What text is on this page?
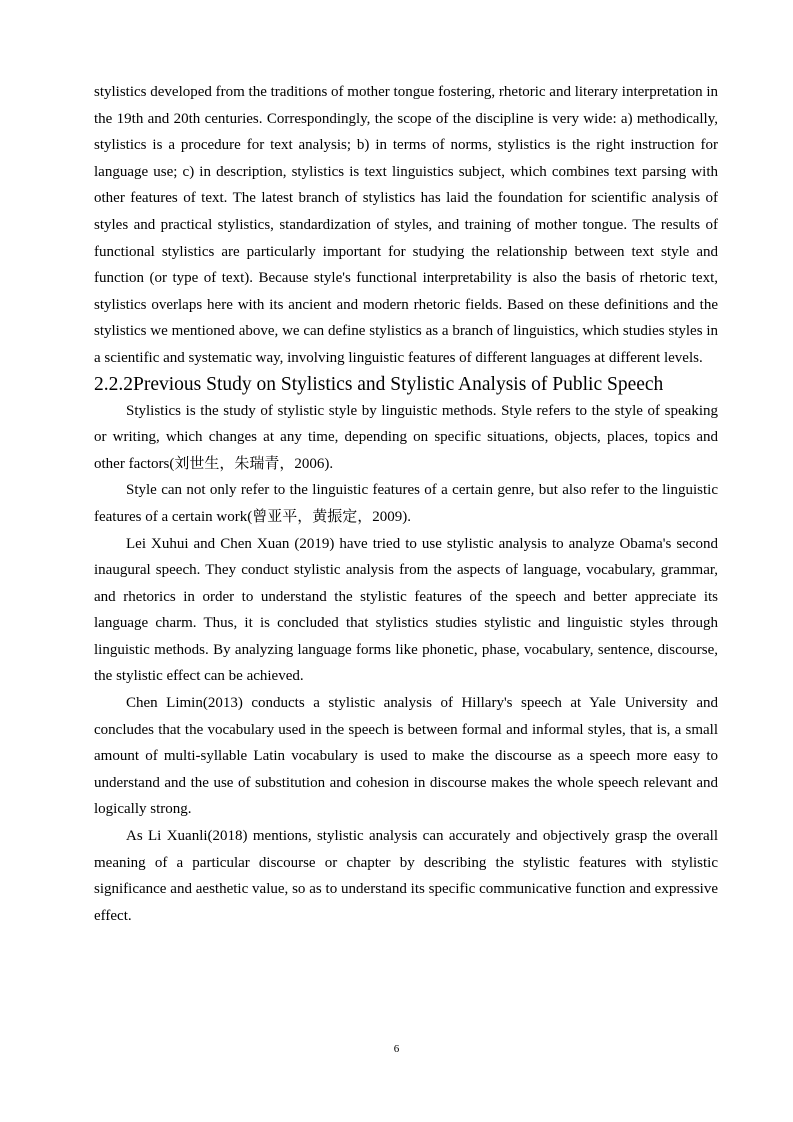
stylistics developed from the traditions of mother tongue fostering, rhetoric and literary interpretation in the 19th and 20th centuries. Correspondingly, the scope of the discipline is very wide: a) methodically, stylistics is a procedure for text analysis; b) in terms of norms, stylistics is the right instruction for language use; c) in description, stylistics is text linguistics subject, which combines text parsing with other features of text. The latest branch of stylistics has laid the foundation for scientific analysis of styles and practical stylistics, standardization of styles, and training of mother tongue. The results of functional stylistics are particularly important for studying the relationship between text style and function (or type of text). Because style's functional interpretability is also the basis of rhetoric text, stylistics overlaps here with its ancient and modern rhetoric fields. Based on these definitions and the stylistics we mentioned above, we can define stylistics as a branch of linguistics, which studies styles in a scientific and systematic way, involving linguistic features of different languages at different levels.

2.2.2Previous Study on Stylistics and Stylistic Analysis of Public Speech

Stylistics is the study of stylistic style by linguistic methods. Style refers to the style of speaking or writing, which changes at any time, depending on specific situations, objects, places, topics and other factors(刘世生，朱瑞青，2006).

Style can not only refer to the linguistic features of a certain genre, but also refer to the linguistic features of a certain work(曾亚平，黄振定，2009).

Lei Xuhui and Chen Xuan (2019) have tried to use stylistic analysis to analyze Obama's second inaugural speech. They conduct stylistic analysis from the aspects of language, vocabulary, grammar, and rhetorics in order to understand the stylistic features of the speech and better appreciate its language charm. Thus, it is concluded that stylistics studies stylistic and linguistic styles through linguistic methods. By analyzing language forms like phonetic, phase, vocabulary, sentence, discourse, the stylistic effect can be achieved.

Chen Limin(2013) conducts a stylistic analysis of Hillary's speech at Yale University and concludes that the vocabulary used in the speech is between formal and informal styles, that is, a small amount of multi-syllable Latin vocabulary is used to make the discourse as a speech more easy to understand and the use of substitution and cohesion in discourse makes the whole speech relevant and logically strong.

As Li Xuanli(2018) mentions, stylistic analysis can accurately and objectively grasp the overall meaning of a particular discourse or chapter by describing the stylistic features with stylistic significance and aesthetic value, so as to understand its specific communicative function and expressive effect.

6
